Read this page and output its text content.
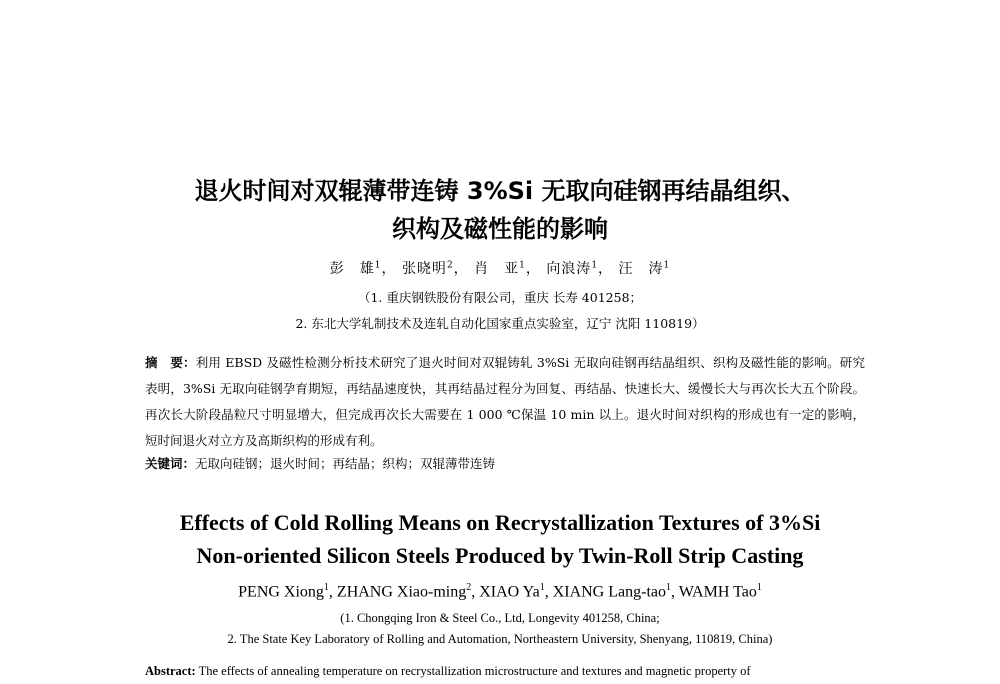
退火时间对双辊薄带连铸 3%Si 无取向硅钢再结晶组织、
织构及磁性能的影响
彭　雄$^1$， 张晓明$^2$， 肖　亚$^1$， 向浪涛$^1$， 汪　涛$^1$
（1. 重庆钢铁股份有限公司，重庆 长寿 401258；
2. 东北大学轧制技术及连轧自动化国家重点实验室，辽宁 沈阳 110819）
摘　要：利用 EBSD 及磁性检测分析技术研究了退火时间对双辊铸轧 3%Si 无取向硅钢再结晶组织、织构及磁性能的影响。研究表明，3%Si 无取向硅钢孕育期短，再结晶速度快，其再结晶过程分为回复、再结晶、快速长大、缓慢长大与再次长大五个阶段。再次长大阶段晶粒尺寸明显增大，但完成再次长大需要在 1 000 ℃保温 10 min 以上。退火时间对织构的形成也有一定的影响，短时间退火对立方及高斯织构的形成有利。
关键词：无取向硅钢；退火时间；再结晶；织构；双辊薄带连铸
Effects of Cold Rolling Means on Recrystallization Textures of 3%Si
Non-oriented Silicon Steels Produced by Twin-Roll Strip Casting
PENG Xiong$^1$, ZHANG Xiao-ming$^2$, XIAO Ya$^1$, XIANG Lang-tao$^1$, WAMH Tao$^1$
(1. Chongqing Iron & Steel Co., Ltd, Longevity 401258, China;
2. The State Key Laboratory of Rolling and Automation, Northeastern University, Shenyang, 110819, China)
Abstract: The effects of annealing temperature on recrystallization microstructure and textures and magnetic property of
